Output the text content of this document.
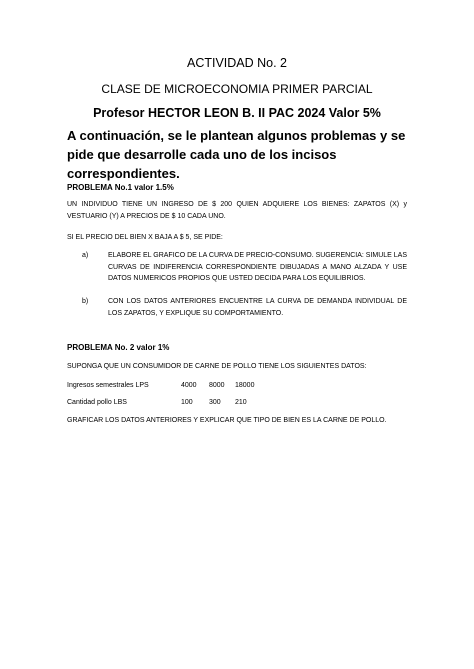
ACTIVIDAD No. 2
CLASE DE MICROECONOMIA PRIMER PARCIAL
Profesor HECTOR LEON B. II PAC 2024 Valor 5%
A continuación, se le plantean algunos problemas y se pide que desarrolle cada uno de los incisos correspondientes.
PROBLEMA No.1 valor 1.5%
UN INDIVIDUO TIENE UN INGRESO DE $ 200 QUIEN ADQUIERE LOS BIENES: ZAPATOS (X) y VESTUARIO (Y) A PRECIOS DE $ 10 CADA UNO.
SI EL PRECIO DEL BIEN X BAJA A $ 5, SE PIDE:
a)	ELABORE EL GRAFICO DE LA CURVA DE PRECIO-CONSUMO. SUGERENCIA: SIMULE LAS CURVAS DE INDIFERENCIA CORRESPONDIENTE DIBUJADAS A MANO ALZADA Y USE DATOS NUMERICOS PROPIOS QUE USTED DECIDA PARA LOS EQUILIBRIOS.
b)	CON LOS DATOS ANTERIORES ENCUENTRE LA CURVA DE DEMANDA INDIVIDUAL DE LOS ZAPATOS, Y EXPLIQUE SU COMPORTAMIENTO.
PROBLEMA No. 2 valor 1%
SUPONGA QUE UN CONSUMIDOR DE CARNE DE POLLO TIENE LOS SIGUIENTES DATOS:
Ingresos semestrales LPS	4000 8000 18000
Cantidad pollo LBS	100 300 210
GRAFICAR LOS DATOS ANTERIORES Y EXPLICAR QUE TIPO DE BIEN ES LA CARNE DE POLLO.
